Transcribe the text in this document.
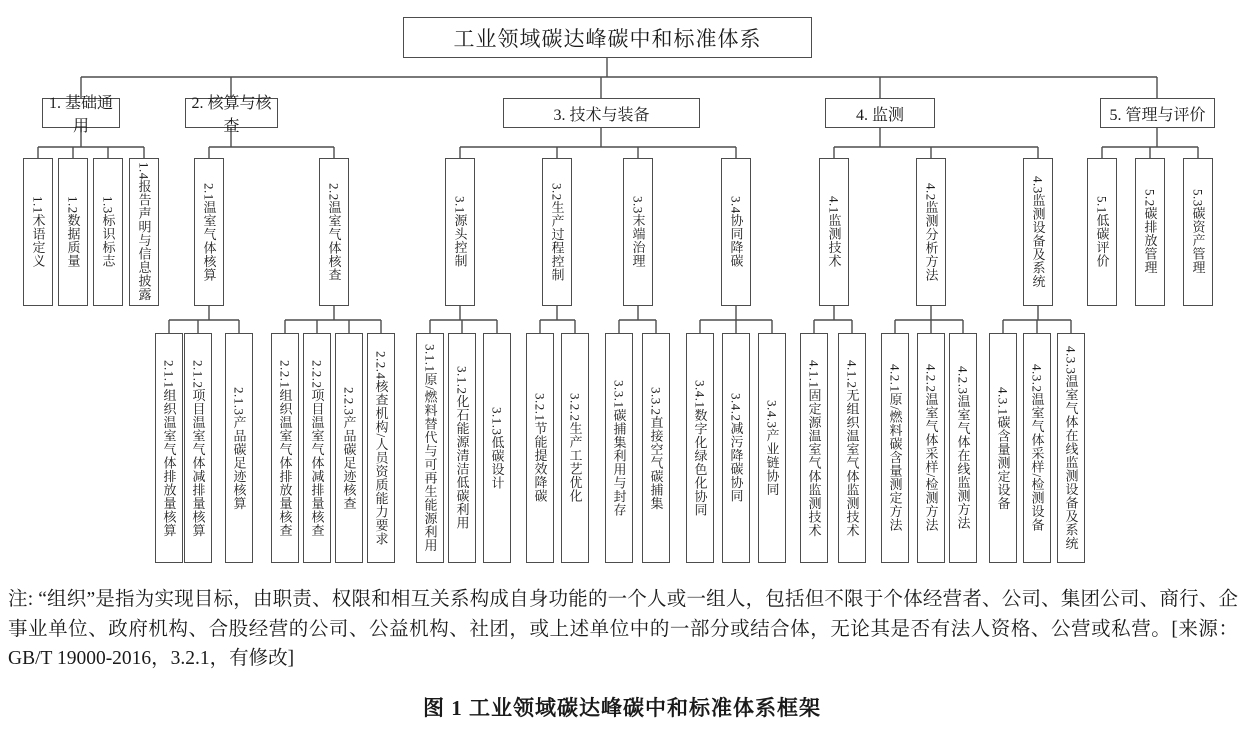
工业领域碳达峰碳中和标准体系
1. 基础通用
2. 核算与核查
3. 技术与装备	4. 监测	5. 管理与评价
1.1术语定义	1.2数据质量	1.3标识标志	1.4报告声明与信息披露	2.1温室气体核算	2.2温室气体核查	3.1源头控制	3.2生产过程控制	3.3末端治理	3.4协同降碳	4.1监测技术	4.2监测分析方法	4.3监测设备及系统	5.1低碳评价	5.2碳排放管理	5.3碳资产管理
2.1.1组织温室气体排放量核算	2.1.2项目温室气体减排量核算	2.1.3产品碳足迹核算	2.2.1组织温室气体排放量核查	2.2.2项目温室气体减排量核查	2.2.3产品碳足迹核查	2.2.4核查机构/人员资质能力要求	3.1.1原/燃料替代与可再生能源利用	3.1.2化石能源清洁低碳利用	3.1.3低碳设计	3.2.1节能提效降碳	3.2.2生产工艺优化	3.3.1碳捕集利用与封存	3.3.2直接空气碳捕集	3.4.1数字化绿色化协同	3.4.2减污降碳协同	3.4.3产业链协同	4.1.1固定源温室气体监测技术	4.1.2无组织温室气体监测技术	4.2.1原/燃料碳含量测定方法	4.2.2温室气体采样/检测方法	4.2.3温室气体在线监测方法	4.3.1碳含量测定设备	4.3.2温室气体采样/检测设备	4.3.3温室气体在线监测设备及系统
注: “组织”是指为实现目标，由职责、权限和相互关系构成自身功能的一个人或一组人，包括但不限于个体经营者、公司、集团公司、商行、企事业单位、政府机构、合股经营的公司、公益机构、社团，或上述单位中的一部分或结合体，无论其是否有法人资格、公营或私营。[来源：GB/T 19000-2016，3.2.1，有修改]
图 1 工业领域碳达峰碳中和标准体系框架
